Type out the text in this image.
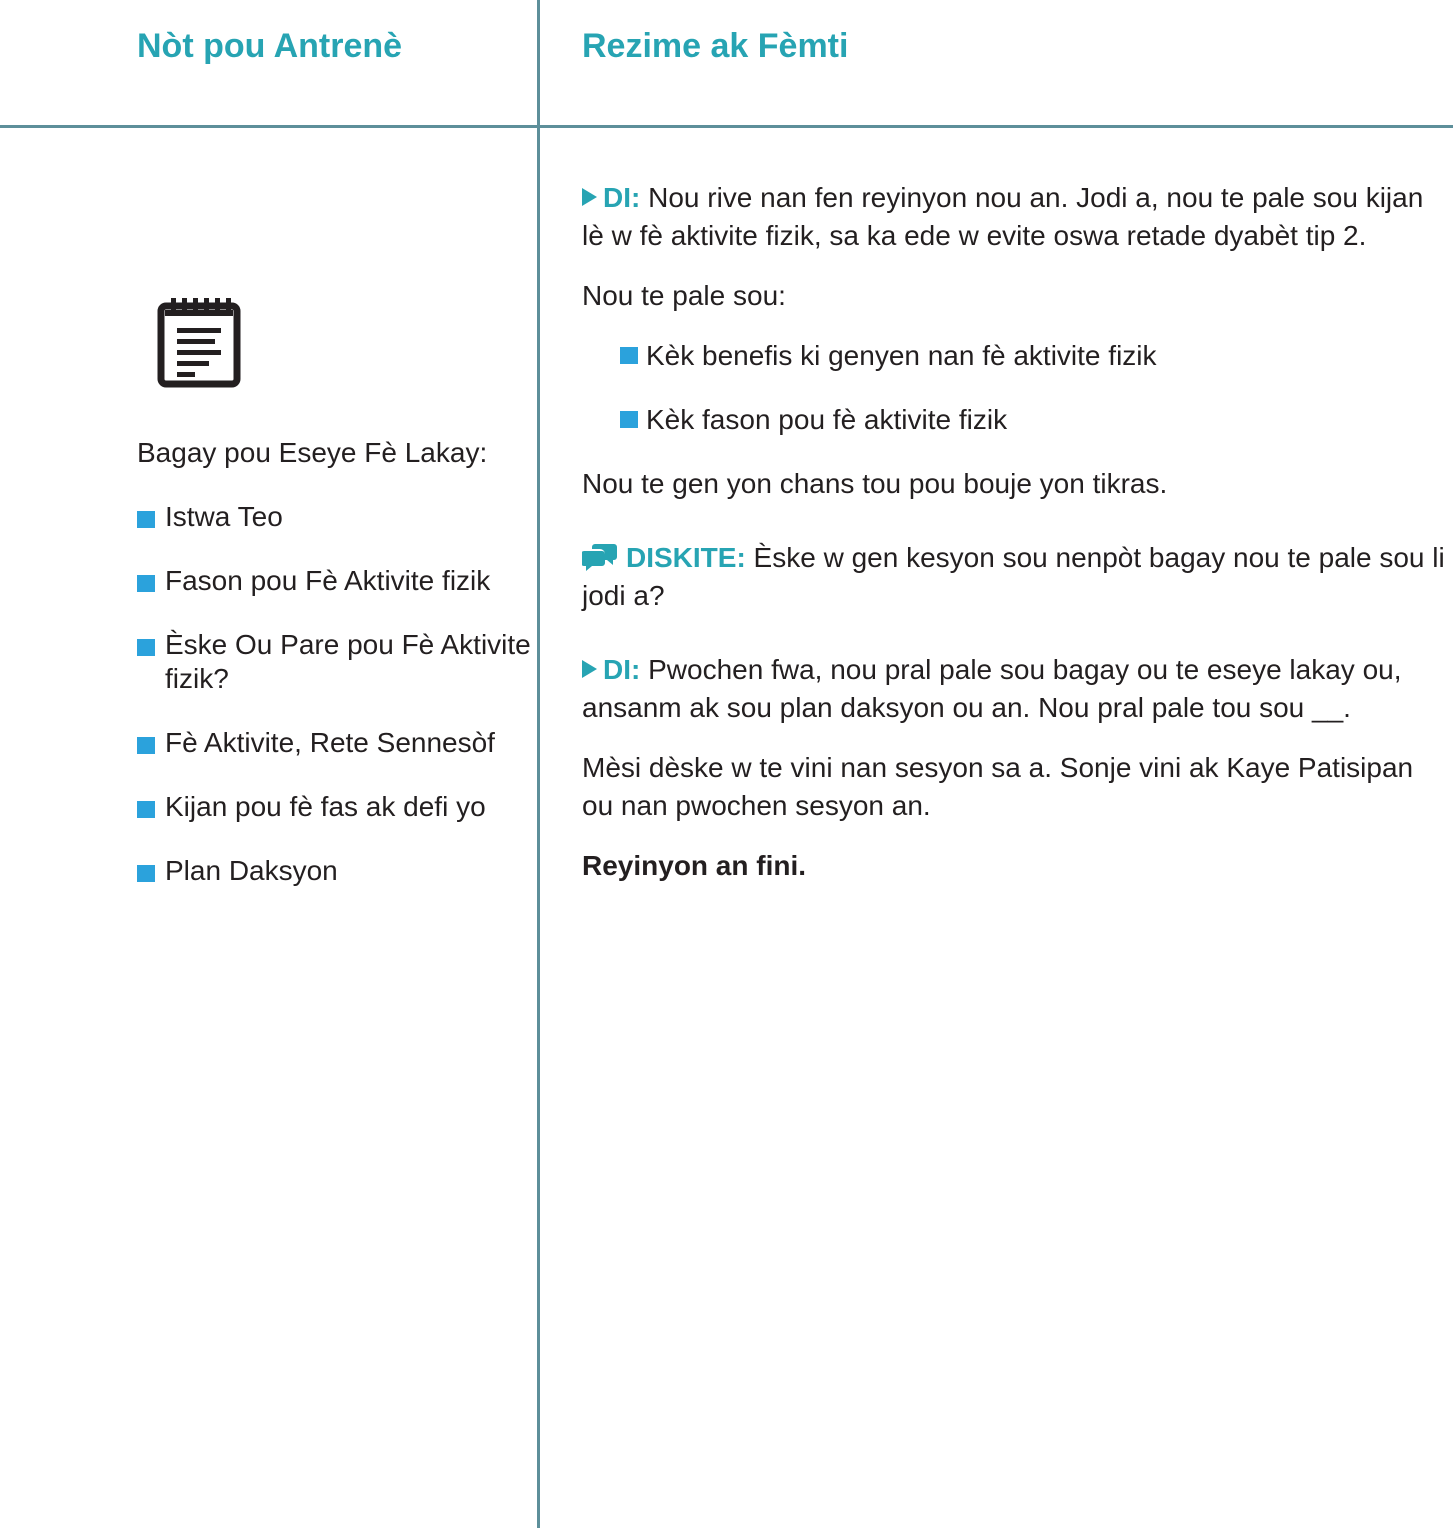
Nòt pou Antrenè	Rezime ak Fèmti

Bagay pou Eseye Fè Lakay:

Istwa Teo
Fason pou Fè Aktivite fizik
Èske Ou Pare pou Fè Aktivite fizik?
Fè Aktivite, Rete Sennesòf
Kijan pou fè fas ak defi yo
Plan Daksyon

DI: Nou rive nan fen reyinyon nou an. Jodi a, nou te pale sou kijan lè w fè aktivite fizik, sa ka ede w evite oswa retade dyabèt tip 2.

Nou te pale sou:

Kèk benefis ki genyen nan fè aktivite fizik
Kèk fason pou fè aktivite fizik

Nou te gen yon chans tou pou bouje yon tikras.

DISKITE: Èske w gen kesyon sou nenpòt bagay nou te pale sou li jodi a?

DI: Pwochen fwa, nou pral pale sou bagay ou te eseye lakay ou, ansanm ak sou plan daksyon ou an. Nou pral pale tou sou __.

Mèsi dèske w te vini nan sesyon sa a. Sonje vini ak Kaye Patisipan ou nan pwochen sesyon an.

Reyinyon an fini.
